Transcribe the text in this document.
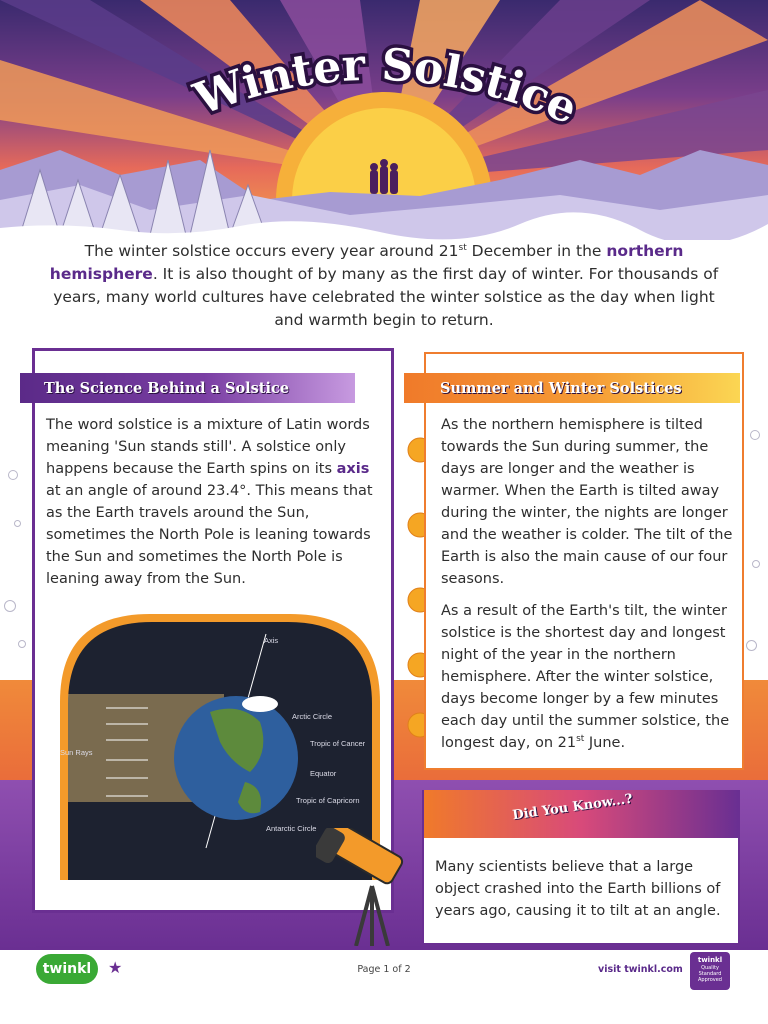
Winter Solstice
The winter solstice occurs every year around 21st December in the northern hemisphere. It is also thought of by many as the first day of winter. For thousands of years, many world cultures have celebrated the winter solstice as the day when light and warmth begin to return.
The Science Behind a Solstice
The word solstice is a mixture of Latin words meaning 'Sun stands still'. A solstice only happens because the Earth spins on its axis at an angle of around 23.4°. This means that as the Earth travels around the Sun, sometimes the North Pole is leaning towards the Sun and sometimes the North Pole is leaning away from the Sun.
Axis
Sun Rays
Arctic Circle
Tropic of Cancer
Equator
Tropic of Capricorn
Antarctic Circle
Summer and Winter Solstices

As the northern hemisphere is tilted towards the Sun during summer, the days are longer and the weather is warmer. When the Earth is tilted away during the winter, the nights are longer and the weather is colder. The tilt of the Earth is also the main cause of our four seasons.

As a result of the Earth's tilt, the winter solstice is the shortest day and longest night of the year in the northern hemisphere. After the winter solstice, days become longer by a few minutes each day until the summer solstice, the longest day, on 21st June.

Did You Know...?
Many scientists believe that a large object crashed into the Earth billions of years ago, causing it to tilt at an angle.
twinkl ★	Page 1 of 2	visit twinkl.com
twinkl
Quality Standard Approved
